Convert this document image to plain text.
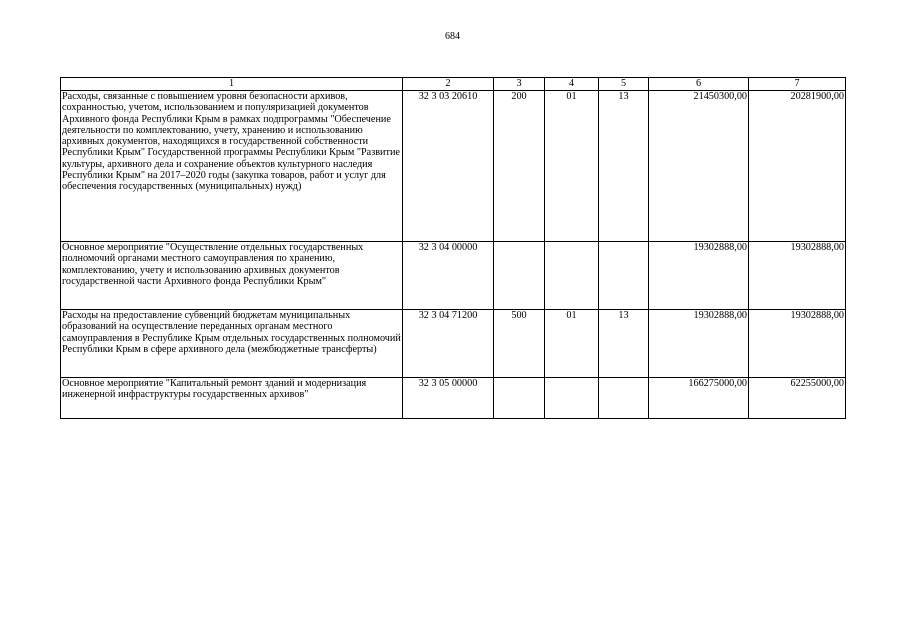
684
1	2	3	4	5	6	7
Расходы, связанные с повышением уровня безопасности архивов, сохранностью, учетом, использованием и популяризацией документов Архивного фонда Республики Крым в рамках подпрограммы "Обеспечение деятельности по комплектованию, учету, хранению и использованию архивных документов, находящихся в государственной собственности Республики Крым" Государственной программы Республики Крым "Развитие культуры, архивного дела и сохранение объектов культурного наследия Республики Крым" на 2017–2020 годы (закупка товаров, работ и услуг для обеспечения государственных (муниципальных) нужд)	32 3 03 20610	200	01	13	21450300,00	20281900,00
Основное мероприятие "Осуществление отдельных государственных полномочий органами местного самоуправления по хранению, комплектованию, учету и использованию архивных документов государственной части Архивного фонда Республики Крым"	32 3 04 00000				19302888,00	19302888,00
Расходы на предоставление субвенций бюджетам муниципальных образований на осуществление переданных органам местного самоуправления в Республике Крым отдельных государственных полномочий Республики Крым в сфере архивного дела (межбюджетные трансферты)	32 3 04 71200	500	01	13	19302888,00	19302888,00
Основное мероприятие "Капитальный ремонт зданий и модернизация инженерной инфраструктуры государственных архивов"	32 3 05 00000				166275000,00	62255000,00
